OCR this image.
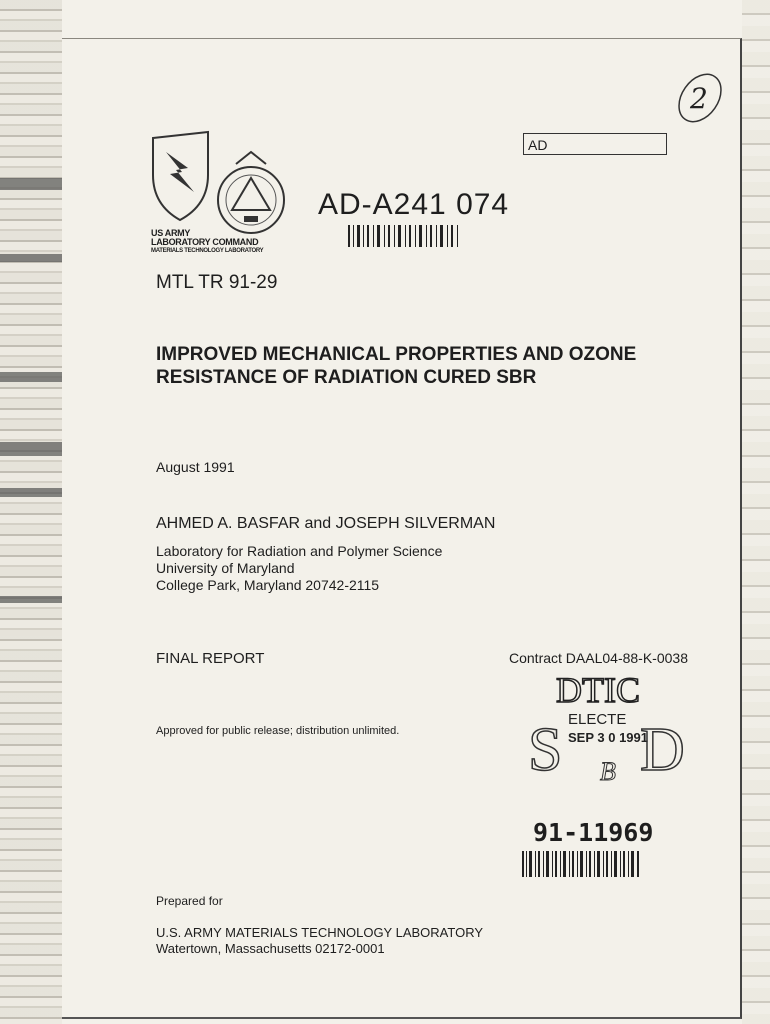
2
AD
US ARMY
LABORATORY COMMAND
MATERIALS TECHNOLOGY LABORATORY
MTL TR 91-29
AD-A241 074
IMPROVED MECHANICAL PROPERTIES AND OZONE
RESISTANCE OF RADIATION CURED SBR
August 1991
AHMED A. BASFAR and JOSEPH SILVERMAN
Laboratory for Radiation and Polymer Science
University of Maryland
College Park, Maryland 20742-2115
FINAL REPORT	Contract DAAL04-88-K-0038
DTIC
ELECTE
SEP 3 0 1991
S D
B
Approved for public release; distribution unlimited.
91-11969
Prepared for
U.S. ARMY MATERIALS TECHNOLOGY LABORATORY
Watertown, Massachusetts 02172-0001
